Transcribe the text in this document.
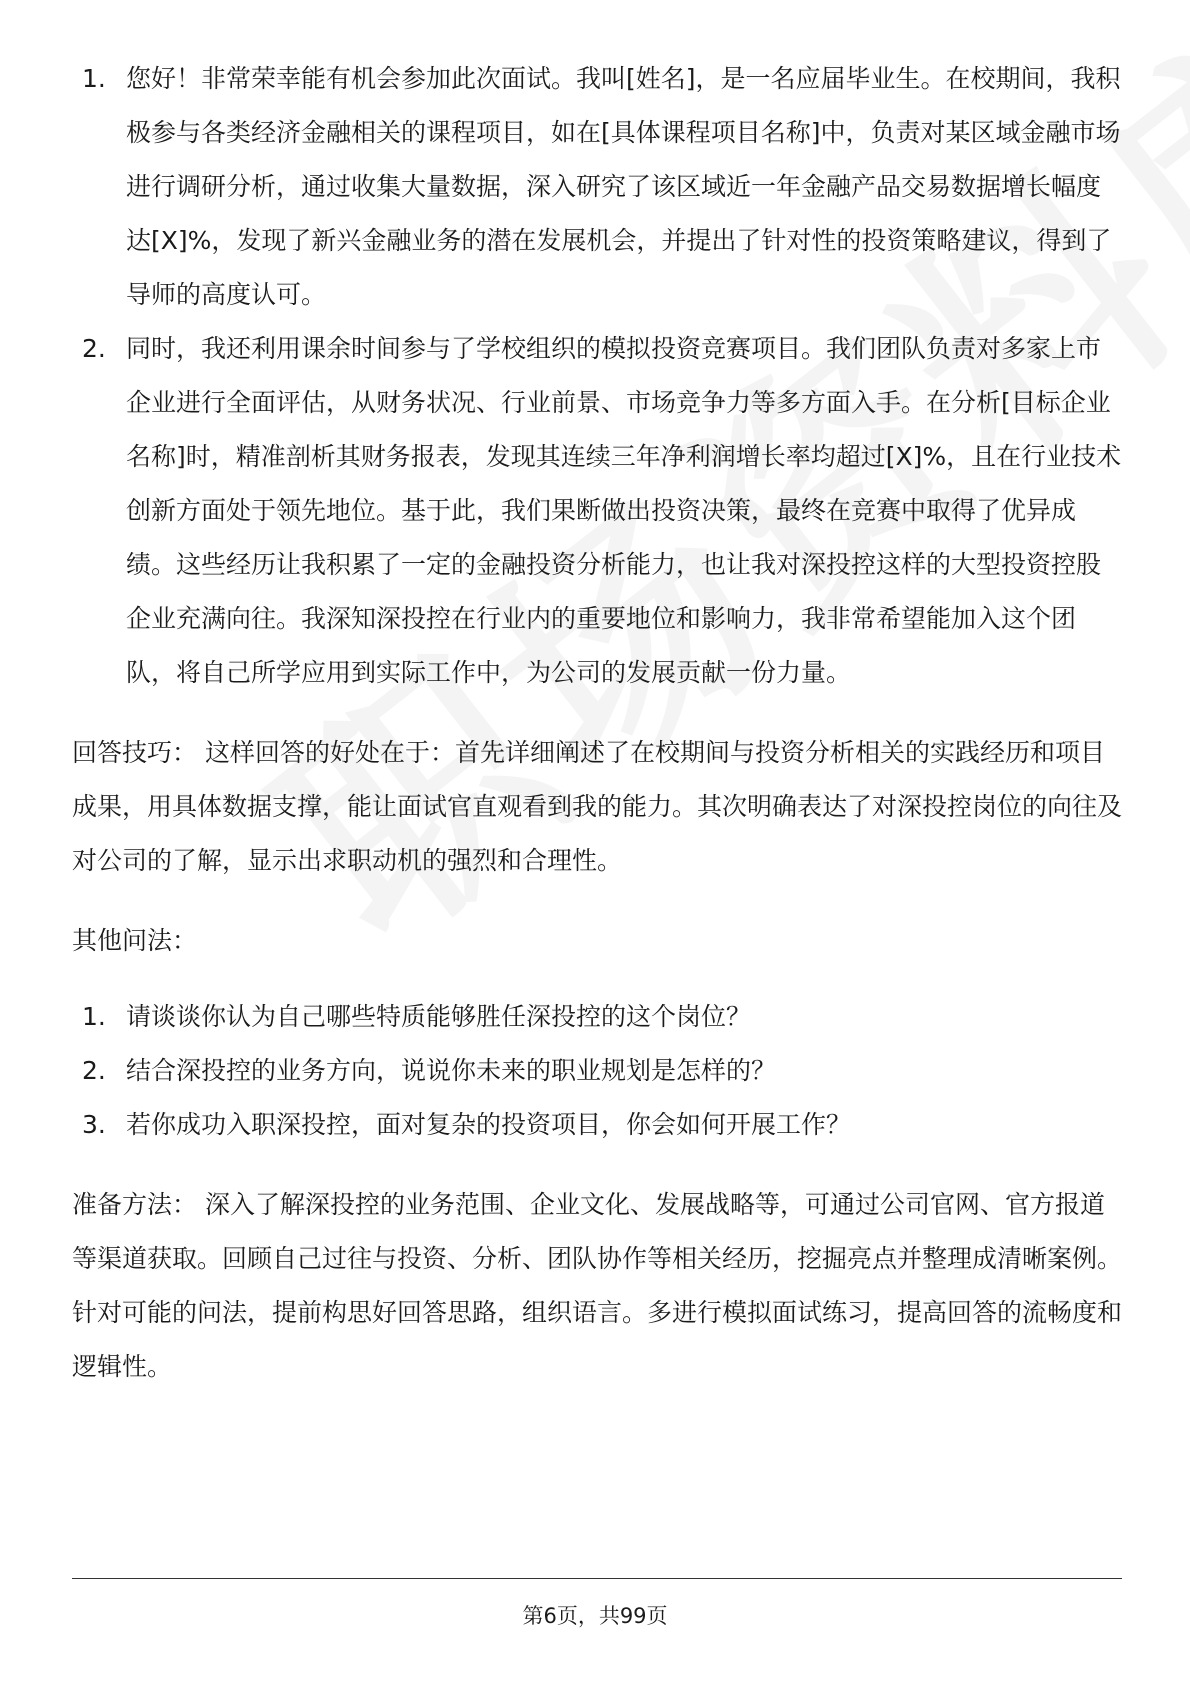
1. 您好！非常荣幸能有机会参加此次面试。我叫[姓名]，是一名应届毕业生。在校期间，我积极参与各类经济金融相关的课程项目，如在[具体课程项目名称]中，负责对某区域金融市场进行调研分析，通过收集大量数据，深入研究了该区域近一年金融产品交易数据增长幅度达[X]%，发现了新兴金融业务的潜在发展机会，并提出了针对性的投资策略建议，得到了导师的高度认可。
2. 同时，我还利用课余时间参与了学校组织的模拟投资竞赛项目。我们团队负责对多家上市企业进行全面评估，从财务状况、行业前景、市场竞争力等多方面入手。在分析[目标企业名称]时，精准剖析其财务报表，发现其连续三年净利润增长率均超过[X]%，且在行业技术创新方面处于领先地位。基于此，我们果断做出投资决策，最终在竞赛中取得了优异成绩。这些经历让我积累了一定的金融投资分析能力，也让我对深投控这样的大型投资控股企业充满向往。我深知深投控在行业内的重要地位和影响力，我非常希望能加入这个团队，将自己所学应用到实际工作中，为公司的发展贡献一份力量。

回答技巧： 这样回答的好处在于：首先详细阐述了在校期间与投资分析相关的实践经历和项目成果，用具体数据支撑，能让面试官直观看到我的能力。其次明确表达了对深投控岗位的向往及对公司的了解，显示出求职动机的强烈和合理性。

其他问法：

1. 请谈谈你认为自己哪些特质能够胜任深投控的这个岗位？
2. 结合深投控的业务方向，说说你未来的职业规划是怎样的？
3. 若你成功入职深投控，面对复杂的投资项目，你会如何开展工作？

准备方法： 深入了解深投控的业务范围、企业文化、发展战略等，可通过公司官网、官方报道等渠道获取。回顾自己过往与投资、分析、团队协作等相关经历，挖掘亮点并整理成清晰案例。针对可能的问法，提前构思好回答思路，组织语言。多进行模拟面试练习，提高回答的流畅度和逻辑性。

第6页，共99页
